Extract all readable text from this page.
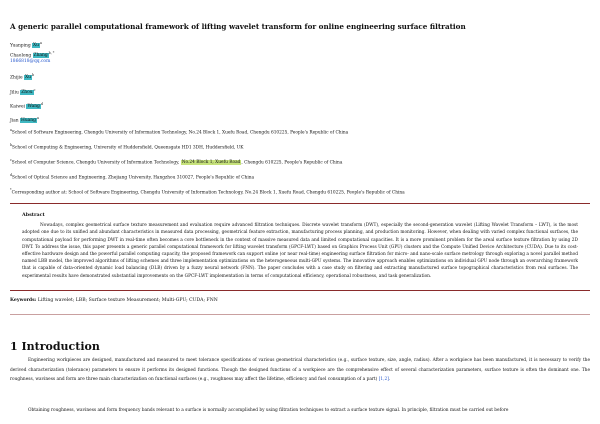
A generic parallel computational framework of lifting wavelet transform for online engineering surface filtration
Yuanping Xu$^a$
Chaolong Zhang$^{b, *}$
1866818@qq.com
Zhijie Xu$^b$
Jiliu Zhou$^c$
Kaiwei Wang$^d$
Jian Huang$^a$
$^a$School of Software Engineering, Chengdu University of Information Technology, No.24 Block 1, Xuefu Road, Chengdu 610225, People's Republic of China
$^b$School of Computing & Engineering, University of Huddersfield, Queensgate HD1 3DH, Huddersfield, UK
$^c$School of Computer Science, Chengdu University of Information Technology, No.24 Block 1, Xuefu Road, Chengdu 610225, People's Republic of China
$^d$School of Optical Science and Engineering, Zhejiang University, Hangzhou 310027, People's Republic of China
*Corresponding author at: School of Software Engineering, Chengdu University of Information Technology, No.24 Block 1, Xuefu Road, Chengdu 610225, People's Republic of China
Abstract
Nowadays, complex geometrical surface texture measurement and evaluation require advanced filtration techniques. Discrete wavelet transform (DWT), especially the second-generation wavelet (Lifting Wavelet Transform – LWT), is the most adopted one due to its unified and abundant characteristics in measured data processing, geometrical feature extraction, manufacturing process planning, and production monitoring. However, when dealing with varied complex functional surfaces, the computational payload for performing DWT in real-time often becomes a core bottleneck in the context of massive measured data and limited computational capacities. It is a more prominent problem for the areal surface texture filtration by using 2D DWT. To address the issue, this paper presents a generic parallel computational framework for lifting wavelet transform (GPCF-LWT) based on Graphics Process Unit (GPU) clusters and the Compute Unified Device Architecture (CUDA). Due to its cost-effective hardware design and the powerful parallel computing capacity, the proposed framework can support online (or near real-time) engineering surface filtration for micro- and nano-scale surface metrology through exploring a novel parallel method named LBB model, the improved algorithms of lifting schemes and three implementation optimizations on the heterogeneous multi-GPU systems. The innovative approach enables optimizations on individual GPU node through an overarching framework that is capable of data-oriented dynamic load balancing (DLB) driven by a fuzzy neural network (FNN). The paper concludes with a case study on filtering and extracting manufactured surface topographical characteristics from real surfaces. The experimental results have demonstrated substantial improvements on the GPCF-LWT implementation in terms of computational efficiency, operational robustness, and task generalization.
Keywords: Lifting wavelet; LBB; Surface texture Measurement; Multi-GPU; CUDA; FNN
1 Introduction
Engineering workpieces are designed, manufactured and measured to meet tolerance specifications of various geometrical characteristics (e.g., surface texture, size, angle, radius). After a workpiece has been manufactured, it is necessary to verify the derived characterization (tolerance) parameters to ensure it performs its designed functions. Though the designed functions of a workpiece are the comprehensive effect of several characterization parameters, surface texture is often the dominant one. The roughness, waviness and form are three main characterization on functional surfaces (e.g., roughness may affect the lifetime, efficiency and fuel consumption of a part) [1,2].
Obtaining roughness, waviness and form frequency bands relevant to a surface is normally accomplished by using filtration techniques to extract a surface texture signal. In principle, filtration must be carried out before
